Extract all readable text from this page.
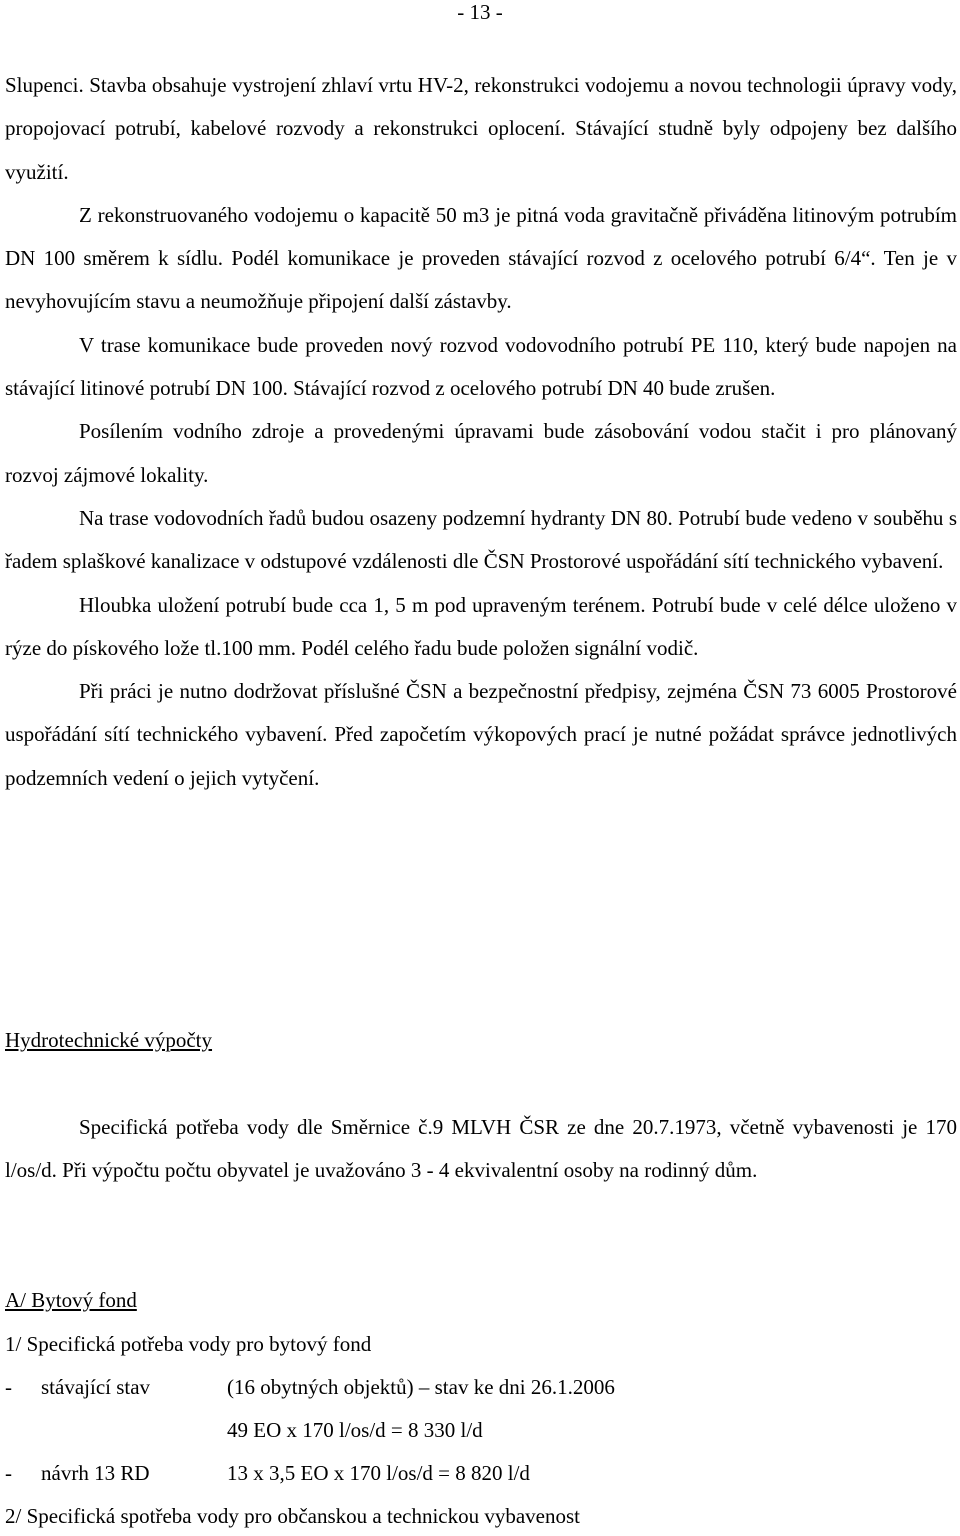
- 13 -

Slupenci. Stavba obsahuje vystrojení zhlaví vrtu HV-2, rekonstrukci vodojemu a novou technologii úpravy vody, propojovací potrubí, kabelové rozvody a rekonstrukci oplocení. Stávající studně byly odpojeny bez dalšího využití.

Z rekonstruovaného vodojemu o kapacitě 50 m3 je pitná voda gravitačně přiváděna litinovým potrubím DN 100 směrem k sídlu. Podél komunikace je proveden stávající rozvod z ocelového potrubí 6/4“. Ten je v nevyhovujícím stavu a neumožňuje připojení další zástavby.

V trase komunikace bude proveden nový rozvod vodovodního potrubí PE 110, který bude napojen na stávající litinové potrubí DN 100. Stávající rozvod z ocelového potrubí DN 40 bude zrušen.

Posílením vodního zdroje a provedenými úpravami bude zásobování vodou stačit i pro plánovaný rozvoj zájmové lokality.

Na trase vodovodních řadů budou osazeny podzemní hydranty DN 80. Potrubí bude vedeno v souběhu s řadem splaškové kanalizace v odstupové vzdálenosti dle ČSN Prostorové uspořádání sítí technického vybavení.

Hloubka uložení potrubí bude cca 1, 5 m pod upraveným terénem. Potrubí bude v celé délce uloženo v rýze do pískového lože tl.100 mm. Podél celého řadu bude položen signální vodič.

Při práci je nutno dodržovat příslušné ČSN a bezpečnostní předpisy, zejména ČSN 73 6005 Prostorové uspořádání sítí technického vybavení. Před započetím výkopových prací je nutné požádat správce jednotlivých podzemních vedení o jejich vytyčení.

Hydrotechnické výpočty

Specifická potřeba vody dle Směrnice č.9 MLVH ČSR ze dne 20.7.1973, včetně vybavenosti je 170 l/os/d. Při výpočtu počtu obyvatel je uvažováno 3 - 4 ekvivalentní osoby na rodinný dům.

A/ Bytový fond

1/ Specifická potřeba vody pro bytový fond

- stávající stav	(16 obytných objektů) – stav ke dni 26.1.2006

49 EO x 170 l/os/d = 8 330 l/d

- návrh 13 RD	13 x 3,5 EO x 170 l/os/d = 8 820 l/d

2/ Specifická spotřeba vody pro občanskou a technickou vybavenost
